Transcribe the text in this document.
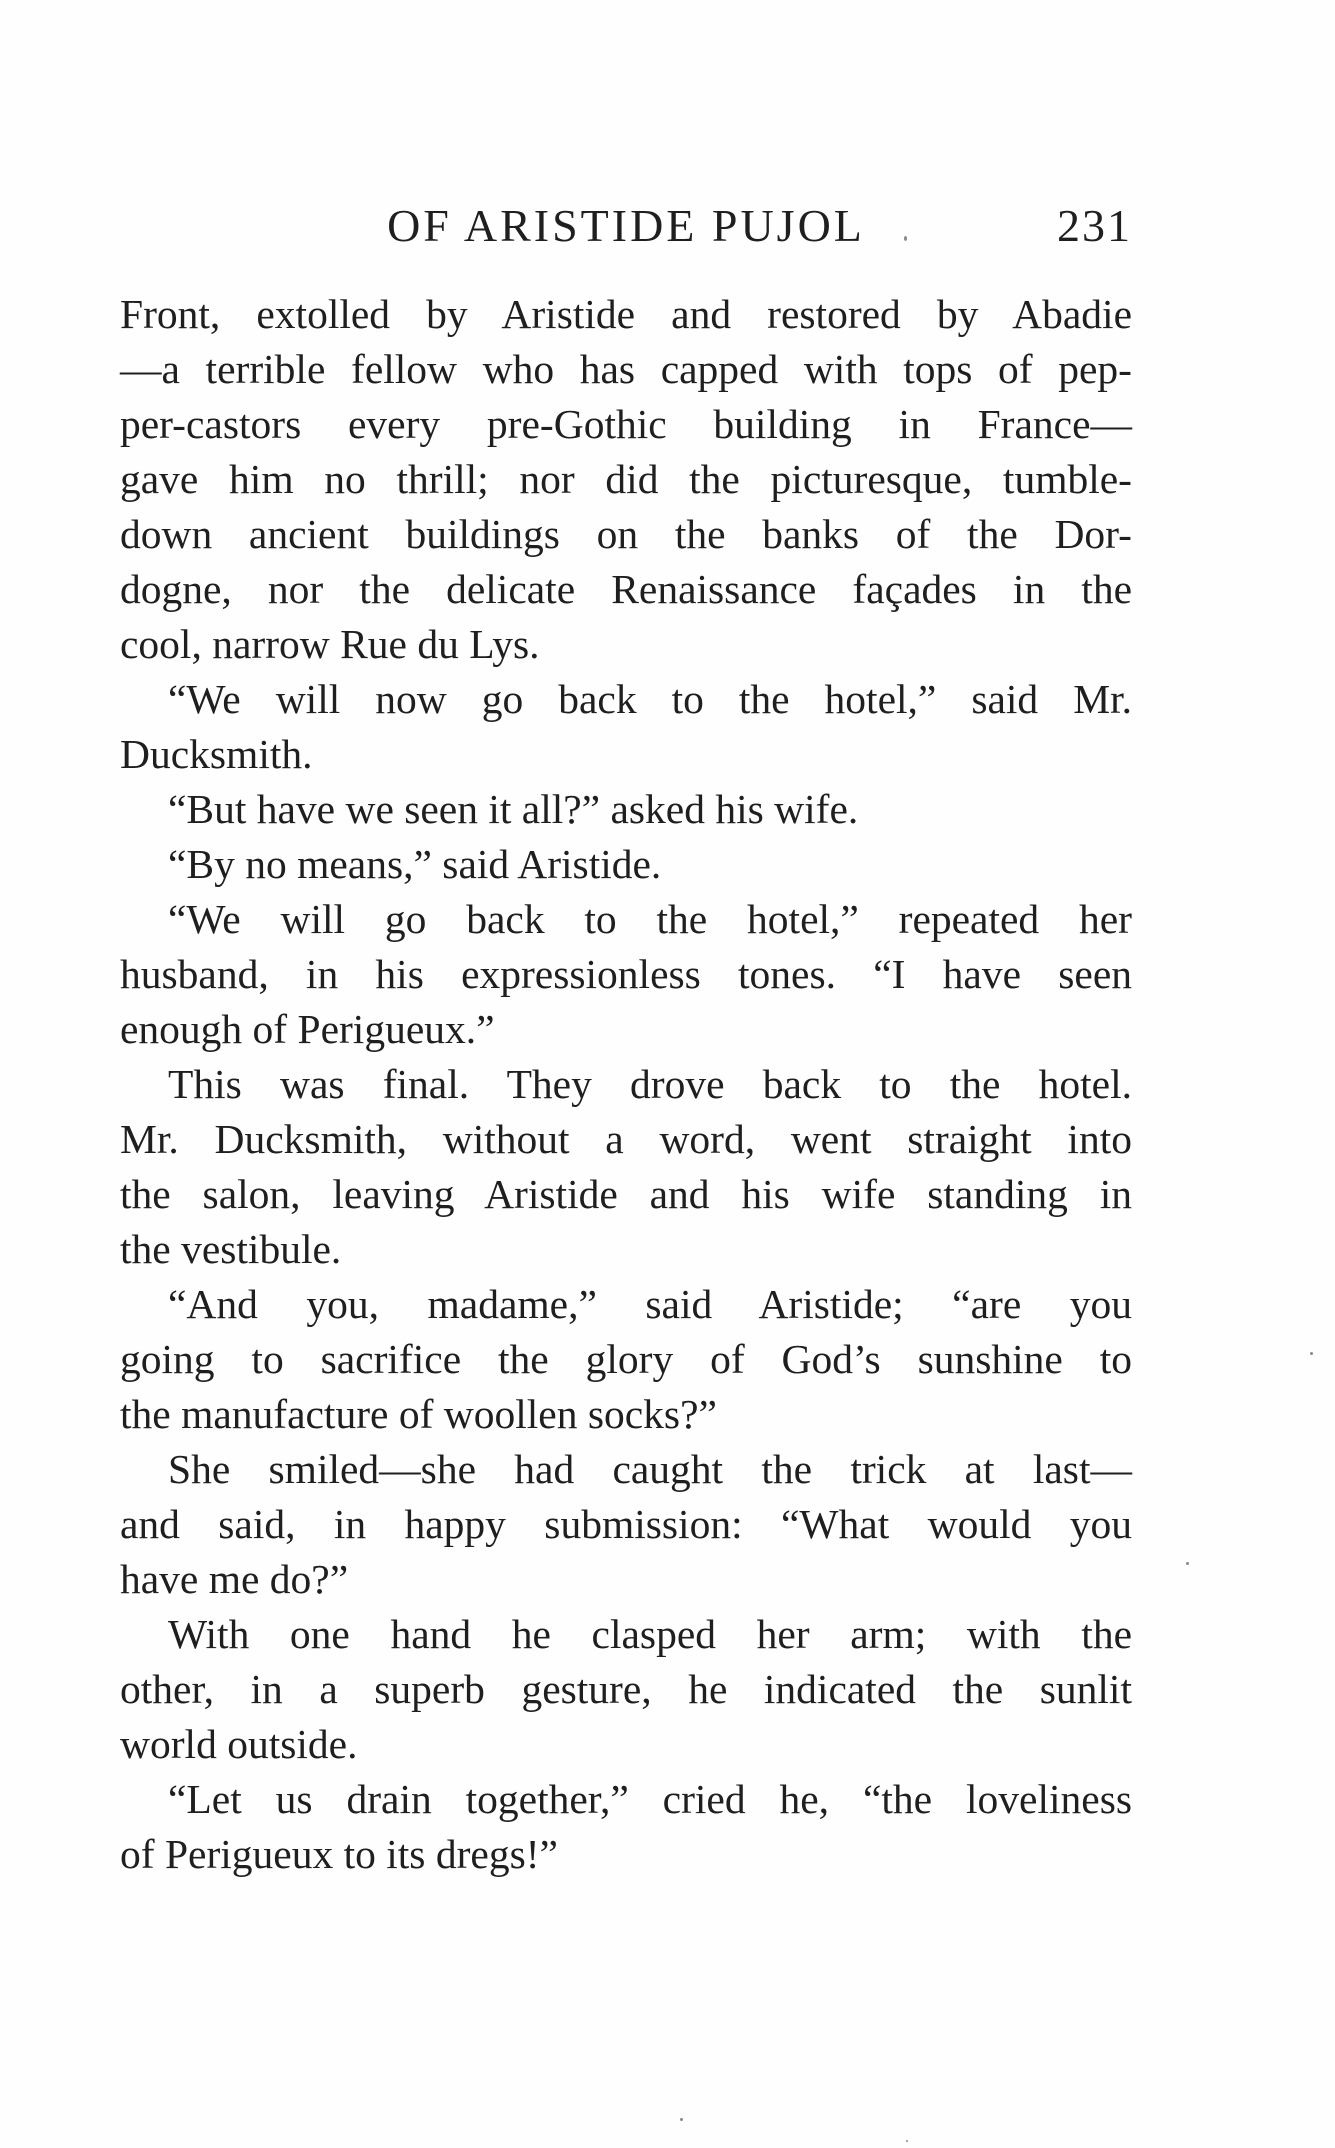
OF ARISTIDE PUJOL	231
Front, extolled by Aristide and restored by Abadie
—a terrible fellow who has capped with tops of pep-
per-castors every pre-Gothic building in France—
gave him no thrill; nor did the picturesque, tumble-
down ancient buildings on the banks of the Dor-
dogne, nor the delicate Renaissance façades in the
cool, narrow Rue du Lys.
“We will now go back to the hotel,” said Mr.
Ducksmith.
“But have we seen it all?” asked his wife.
“By no means,” said Aristide.
“We will go back to the hotel,” repeated her
husband, in his expressionless tones. “I have seen
enough of Perigueux.”
This was final. They drove back to the hotel.
Mr. Ducksmith, without a word, went straight into
the salon, leaving Aristide and his wife standing in
the vestibule.
“And you, madame,” said Aristide; “are you
going to sacrifice the glory of God’s sunshine to
the manufacture of woollen socks?”
She smiled—she had caught the trick at last—
and said, in happy submission: “What would you
have me do?”
With one hand he clasped her arm; with the
other, in a superb gesture, he indicated the sunlit
world outside.
“Let us drain together,” cried he, “the loveliness
of Perigueux to its dregs!”
